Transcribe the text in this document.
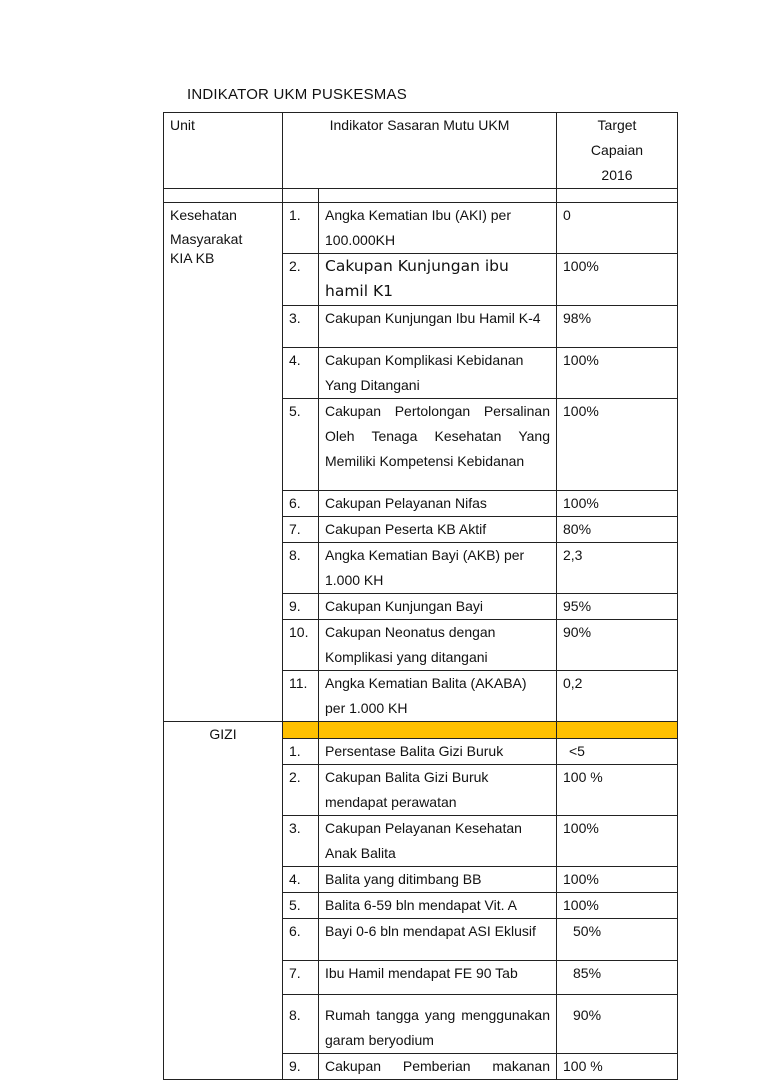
INDIKATOR UKM PUSKESMAS
Unit	Indikator Sasaran Mutu UKM		Target
Capaian
2016

Kesehatan
Masyarakat
KIA KB	1.	Angka Kematian Ibu (AKI) per 100.000KH	0
	2.	Cakupan Kunjungan ibu hamil K1	100%
	3.	Cakupan Kunjungan Ibu Hamil K-4	98%
	4.	Cakupan Komplikasi Kebidanan Yang Ditangani	100%
	5.	Cakupan Pertolongan Persalinan Oleh Tenaga Kesehatan Yang Memiliki Kompetensi Kebidanan	100%
	6.	Cakupan Pelayanan Nifas	100%
	7.	Cakupan Peserta KB Aktif	80%
	8.	Angka Kematian Bayi (AKB) per 1.000 KH	2,3
	9.	Cakupan Kunjungan Bayi	95%
	10.	Cakupan Neonatus dengan Komplikasi yang ditangani	90%
	11.	Angka Kematian Balita (AKABA) per 1.000 KH	0,2
GIZI			
	1.	Persentase Balita Gizi Buruk	<5
	2.	Cakupan Balita Gizi Buruk mendapat perawatan	100 %
	3.	Cakupan Pelayanan Kesehatan Anak Balita	100%
	4.	Balita yang ditimbang BB	100%
	5.	Balita 6-59 bln mendapat Vit. A	100%
	6.	Bayi 0-6 bln mendapat ASI Eklusif	50%
	7.	Ibu Hamil mendapat FE 90 Tab	85%
	8.	Rumah tangga yang menggunakan garam beryodium	90%
	9.	Cakupan Pemberian makanan	100 %
